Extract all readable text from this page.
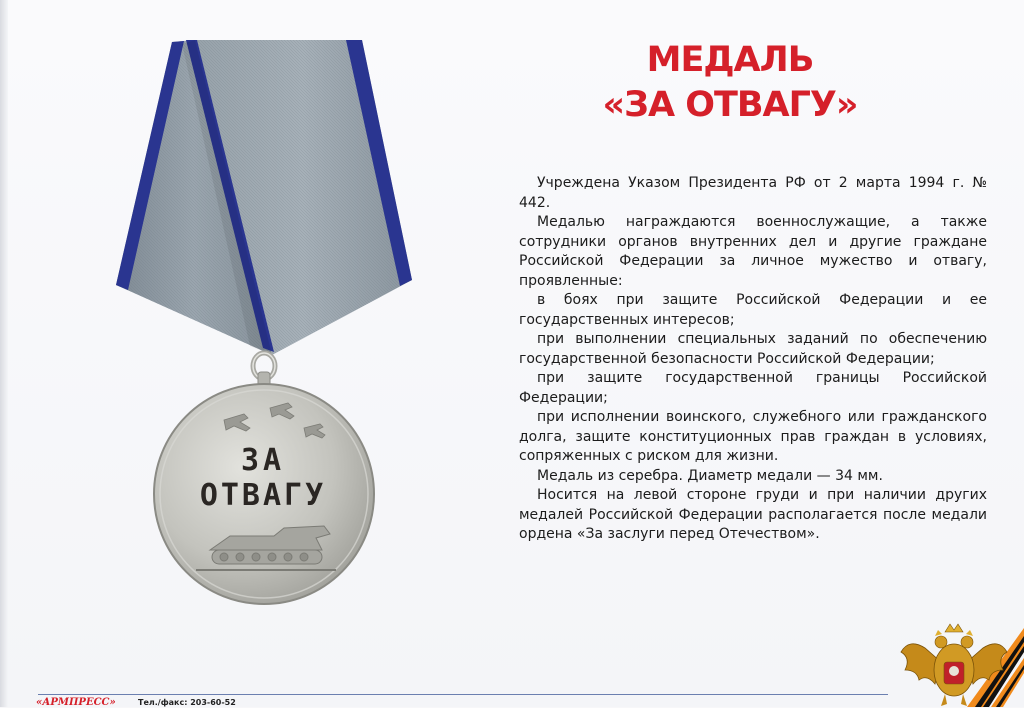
ЗА
ОТВАГУ
МЕДАЛЬ
«ЗА ОТВАГУ»

Учреждена Указом Президента РФ от 2 марта 1994 г. № 442.

Медалью награждаются военнослужащие, а также сотрудники органов внутренних дел и другие граждане Российской Федерации за личное мужество и отвагу, проявленные:

в боях при защите Российской Федерации и ее государственных интересов;

при выполнении специальных заданий по обеспечению государственной безопасности Российской Федерации;

при защите государственной границы Российской Федерации;

при исполнении воинского, служебного или гражданского долга, защите конституционных прав граждан в условиях, сопряженных с риском для жизни.

Медаль из серебра. Диаметр медали — 34 мм.

Носится на левой стороне груди и при наличии других медалей Российской Федерации располагается после медали ордена «За заслуги перед Отечеством».

«АРМПРЕСС»	Тел./факс: 203-60-52
